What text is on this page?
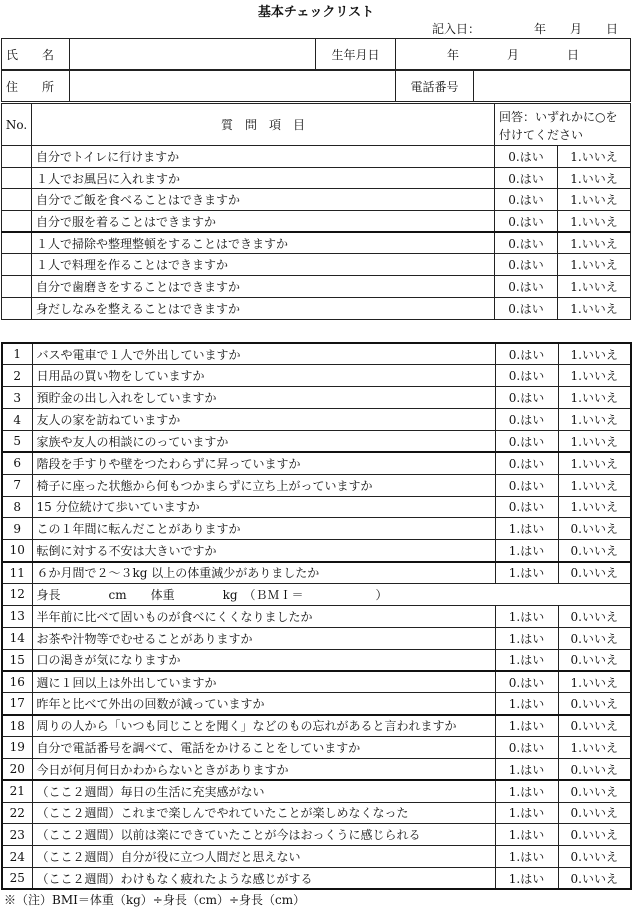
基本チェックリスト
記入日：　　　　　年　　月　　日
氏　　名		生年月日	年　　　　月　　　　日
住　　所		電話番号	
No.	質　問　項　目	回答：いずれかに○を
付けてください	

	自分でトイレに行けますか	0.はい	1.いいえ
	１人でお風呂に入れますか	0.はい	1.いいえ
	自分でご飯を食べることはできますか	0.はい	1.いいえ
	自分で服を着ることはできますか	0.はい	1.いいえ
	１人で掃除や整理整頓をすることはできますか	0.はい	1.いいえ
	１人で料理を作ることはできますか	0.はい	1.いいえ
	自分で歯磨きをすることはできますか	0.はい	1.いいえ
	身だしなみを整えることはできますか	0.はい	1.いいえ
1	バスや電車で１人で外出していますか	0.はい	1.いいえ
2	日用品の買い物をしていますか	0.はい	1.いいえ
3	預貯金の出し入れをしていますか	0.はい	1.いいえ
4	友人の家を訪ねていますか	0.はい	1.いいえ
5	家族や友人の相談にのっていますか	0.はい	1.いいえ
6	階段を手すりや壁をつたわらずに昇っていますか	0.はい	1.いいえ
7	椅子に座った状態から何もつかまらずに立ち上がっていますか	0.はい	1.いいえ
8	15 分位続けて歩いていますか	0.はい	1.いいえ
9	この１年間に転んだことがありますか	1.はい	0.いいえ
10	転倒に対する不安は大きいですか	1.はい	0.いいえ
11	６か月間で２～３kg 以上の体重減少がありましたか	1.はい	0.いいえ
12	身長　　　　cm　　体重　　　　kg　（ＢＭＩ＝　　　　　　）		
13	半年前に比べて固いものが食べにくくなりましたか	1.はい	0.いいえ
14	お茶や汁物等でむせることがありますか	1.はい	0.いいえ
15	口の渇きが気になりますか	1.はい	0.いいえ
16	週に１回以上は外出していますか	0.はい	1.いいえ
17	昨年と比べて外出の回数が減っていますか	1.はい	0.いいえ
18	周りの人から「いつも同じことを聞く」などのもの忘れがあると言われますか	1.はい	0.いいえ
19	自分で電話番号を調べて、電話をかけることをしていますか	0.はい	1.いいえ
20	今日が何月何日かわからないときがありますか	1.はい	0.いいえ
21	（ここ２週間）毎日の生活に充実感がない	1.はい	0.いいえ
22	（ここ２週間）これまで楽しんでやれていたことが楽しめなくなった	1.はい	0.いいえ
23	（ここ２週間）以前は楽にできていたことが今はおっくうに感じられる	1.はい	0.いいえ
24	（ここ２週間）自分が役に立つ人間だと思えない	1.はい	0.いいえ
25	（ここ２週間）わけもなく疲れたような感じがする	1.はい	0.いいえ
※（注）BMI＝体重（kg）÷身長（cm）÷身長（cm）
